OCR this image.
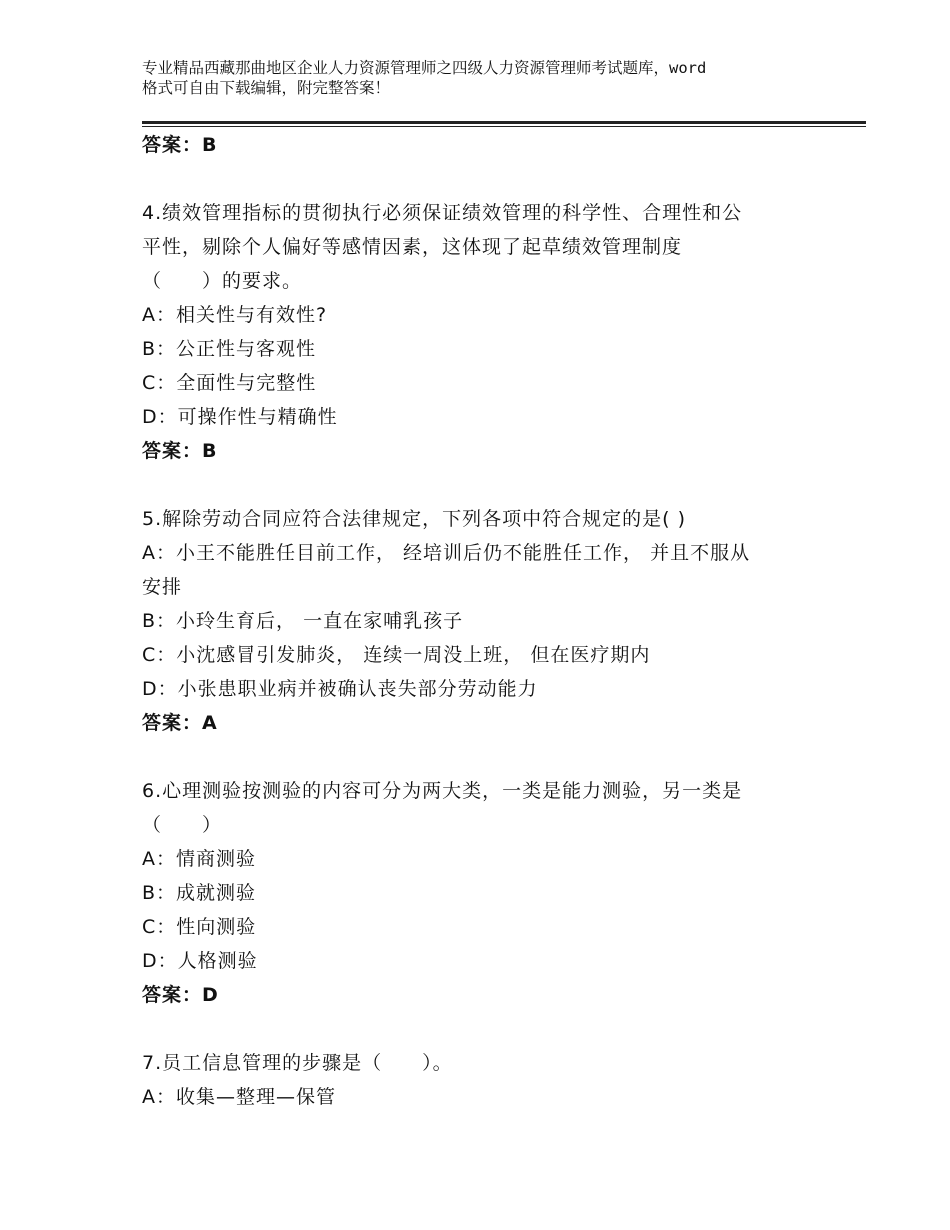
专业精品西藏那曲地区企业人力资源管理师之四级人力资源管理师考试题库，word
格式可自由下载编辑，附完整答案！
答案：B
4.绩效管理指标的贯彻执行必须保证绩效管理的科学性、合理性和公
平性，剔除个人偏好等感情因素，这体现了起草绩效管理制度
（　　）的要求。
A：相关性与有效性?
B：公正性与客观性
C：全面性与完整性
D：可操作性与精确性
答案：B
5.解除劳动合同应符合法律规定，下列各项中符合规定的是( )
A：小王不能胜任目前工作， 经培训后仍不能胜任工作， 并且不服从
安排
B：小玲生育后， 一直在家哺乳孩子
C：小沈感冒引发肺炎， 连续一周没上班， 但在医疗期内
D：小张患职业病并被确认丧失部分劳动能力
答案：A
6.心理测验按测验的内容可分为两大类，一类是能力测验，另一类是
（　　）
A：情商测验
B：成就测验
C：性向测验
D：人格测验
答案：D
7.员工信息管理的步骤是（　　）。
A：收集—整理—保管
